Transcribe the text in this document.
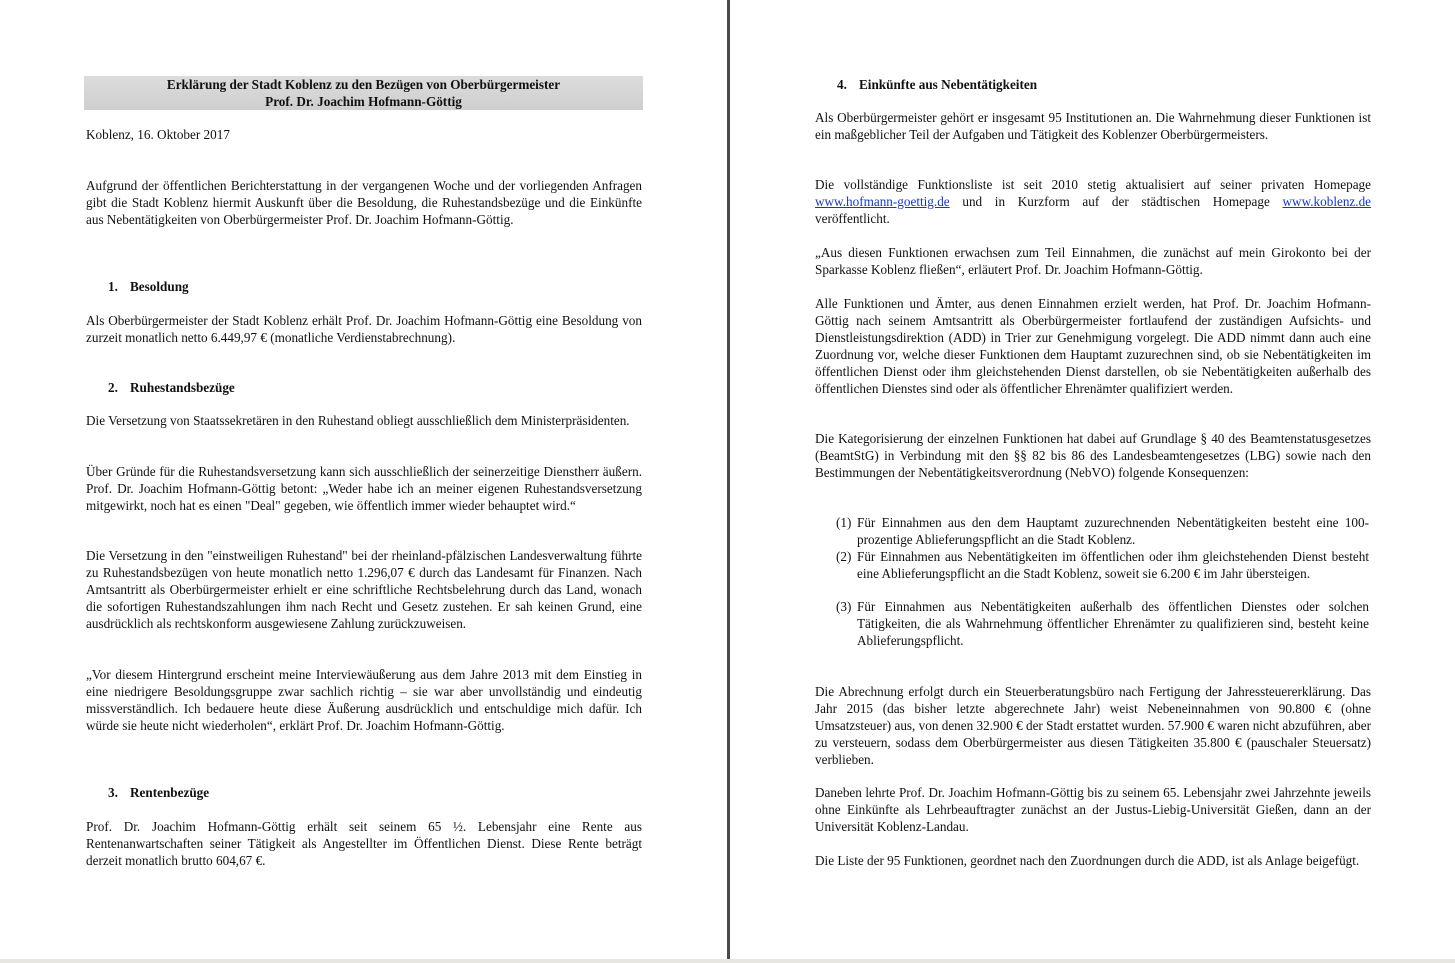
Erklärung der Stadt Koblenz zu den Bezügen von Oberbürgermeister
Prof. Dr. Joachim Hofmann-Göttig

Koblenz, 16. Oktober 2017

Aufgrund der öffentlichen Berichterstattung in der vergangenen Woche und der vorliegenden Anfragen gibt die Stadt Koblenz hiermit Auskunft über die Besoldung, die Ruhestandsbezüge und die Einkünfte aus Nebentätigkeiten von Oberbürgermeister Prof. Dr. Joachim Hofmann-Göttig.

1. Besoldung

Als Oberbürgermeister der Stadt Koblenz erhält Prof. Dr. Joachim Hofmann-Göttig eine Besoldung von zurzeit monatlich netto 6.449,97 € (monatliche Verdienstabrechnung).

2. Ruhestandsbezüge

Die Versetzung von Staatssekretären in den Ruhestand obliegt ausschließlich dem Ministerpräsidenten.

Über Gründe für die Ruhestandsversetzung kann sich ausschließlich der seinerzeitige Dienstherr äußern. Prof. Dr. Joachim Hofmann-Göttig betont: „Weder habe ich an meiner eigenen Ruhestandsversetzung mitgewirkt, noch hat es einen "Deal" gegeben, wie öffentlich immer wieder behauptet wird.“

Die Versetzung in den "einstweiligen Ruhestand" bei der rheinland-pfälzischen Landesverwaltung führte zu Ruhestandsbezügen von heute monatlich netto 1.296,07 € durch das Landesamt für Finanzen. Nach Amtsantritt als Oberbürgermeister erhielt er eine schriftliche Rechtsbelehrung durch das Land, wonach die sofortigen Ruhestandszahlungen ihm nach Recht und Gesetz zustehen. Er sah keinen Grund, eine ausdrücklich als rechtskonform ausgewiesene Zahlung zurückzuweisen.

„Vor diesem Hintergrund erscheint meine Interviewäußerung aus dem Jahre 2013 mit dem Einstieg in eine niedrigere Besoldungsgruppe zwar sachlich richtig – sie war aber unvollständig und eindeutig missverständlich. Ich bedauere heute diese Äußerung ausdrücklich und entschuldige mich dafür. Ich würde sie heute nicht wiederholen“, erklärt Prof. Dr. Joachim Hofmann-Göttig.

3. Rentenbezüge

Prof. Dr. Joachim Hofmann-Göttig erhält seit seinem 65 ½. Lebensjahr eine Rente aus Rentenanwartschaften seiner Tätigkeit als Angestellter im Öffentlichen Dienst. Diese Rente beträgt derzeit monatlich brutto 604,67 €.

4. Einkünfte aus Nebentätigkeiten

Als Oberbürgermeister gehört er insgesamt 95 Institutionen an. Die Wahrnehmung dieser Funktionen ist ein maßgeblicher Teil der Aufgaben und Tätigkeit des Koblenzer Oberbürgermeisters.

Die vollständige Funktionsliste ist seit 2010 stetig aktualisiert auf seiner privaten Homepage www.hofmann-goettig.de und in Kurzform auf der städtischen Homepage www.koblenz.de veröffentlicht.

„Aus diesen Funktionen erwachsen zum Teil Einnahmen, die zunächst auf mein Girokonto bei der Sparkasse Koblenz fließen“, erläutert Prof. Dr. Joachim Hofmann-Göttig.

Alle Funktionen und Ämter, aus denen Einnahmen erzielt werden, hat Prof. Dr. Joachim Hofmann-Göttig nach seinem Amtsantritt als Oberbürgermeister fortlaufend der zuständigen Aufsichts- und Dienstleistungsdirektion (ADD) in Trier zur Genehmigung vorgelegt. Die ADD nimmt dann auch eine Zuordnung vor, welche dieser Funktionen dem Hauptamt zuzurechnen sind, ob sie Nebentätigkeiten im öffentlichen Dienst oder ihm gleichstehenden Dienst darstellen, ob sie Nebentätigkeiten außerhalb des öffentlichen Dienstes sind oder als öffentlicher Ehrenämter qualifiziert werden.

Die Kategorisierung der einzelnen Funktionen hat dabei auf Grundlage § 40 des Beamtenstatusgesetzes (BeamtStG) in Verbindung mit den §§ 82 bis 86 des Landesbeamtengesetzes (LBG) sowie nach den Bestimmungen der Nebentätigkeitsverordnung (NebVO) folgende Konsequenzen:

(1) Für Einnahmen aus den dem Hauptamt zuzurechnenden Nebentätigkeiten besteht eine 100-prozentige Ablieferungspflicht an die Stadt Koblenz.
(2) Für Einnahmen aus Nebentätigkeiten im öffentlichen oder ihm gleichstehenden Dienst besteht eine Ablieferungspflicht an die Stadt Koblenz, soweit sie 6.200 € im Jahr übersteigen.
(3) Für Einnahmen aus Nebentätigkeiten außerhalb des öffentlichen Dienstes oder solchen Tätigkeiten, die als Wahrnehmung öffentlicher Ehrenämter zu qualifizieren sind, besteht keine Ablieferungspflicht.

Die Abrechnung erfolgt durch ein Steuerberatungsbüro nach Fertigung der Jahressteuererklärung. Das Jahr 2015 (das bisher letzte abgerechnete Jahr) weist Nebeneinnahmen von 90.800 € (ohne Umsatzsteuer) aus, von denen 32.900 € der Stadt erstattet wurden. 57.900 € waren nicht abzuführen, aber zu versteuern, sodass dem Oberbürgermeister aus diesen Tätigkeiten 35.800 € (pauschaler Steuersatz) verblieben.

Daneben lehrte Prof. Dr. Joachim Hofmann-Göttig bis zu seinem 65. Lebensjahr zwei Jahrzehnte jeweils ohne Einkünfte als Lehrbeauftragter zunächst an der Justus-Liebig-Universität Gießen, dann an der Universität Koblenz-Landau.

Die Liste der 95 Funktionen, geordnet nach den Zuordnungen durch die ADD, ist als Anlage beigefügt.
